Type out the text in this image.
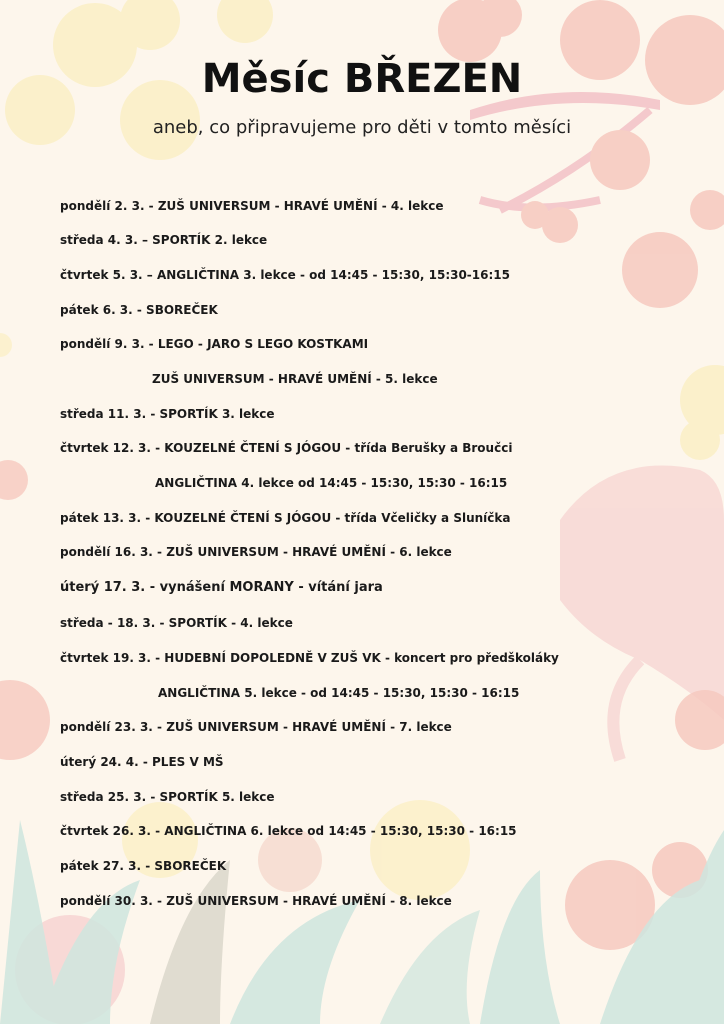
Měsíc BŘEZEN
aneb, co připravujeme pro děti v tomto měsíci
pondělí 2. 3. - ZUŠ UNIVERSUM - HRAVÉ UMĚNÍ - 4. lekce
středa 4. 3. – SPORTÍK 2. lekce
čtvrtek 5. 3. – ANGLIČTINA 3. lekce - od 14:45 - 15:30, 15:30-16:15
pátek 6. 3. - SBOREČEK
pondělí 9. 3. - LEGO - JARO S LEGO KOSTKAMI
ZUŠ UNIVERSUM - HRAVÉ UMĚNÍ - 5. lekce
středa 11. 3. - SPORTÍK 3. lekce
čtvrtek 12. 3. - KOUZELNÉ ČTENÍ S JÓGOU - třída Berušky a Broučci
ANGLIČTINA 4. lekce od 14:45 - 15:30, 15:30 - 16:15
pátek 13. 3. - KOUZELNÉ ČTENÍ S JÓGOU - třída Včeličky a Sluníčka
pondělí 16. 3. - ZUŠ UNIVERSUM - HRAVÉ UMĚNÍ - 6. lekce
úterý 17. 3. - vynášení MORANY - vítání jara
středa - 18. 3. - SPORTÍK - 4. lekce
čtvrtek 19. 3. - HUDEBNÍ DOPOLEDNĚ V ZUŠ VK - koncert pro předškoláky
ANGLIČTINA 5. lekce - od 14:45 - 15:30, 15:30 - 16:15
pondělí 23. 3. - ZUŠ UNIVERSUM - HRAVÉ UMĚNÍ - 7. lekce
úterý 24. 4. - PLES V MŠ
středa 25. 3. - SPORTÍK 5. lekce
čtvrtek 26. 3. - ANGLIČTINA 6. lekce od 14:45 - 15:30, 15:30 - 16:15
pátek 27. 3. - SBOREČEK
pondělí 30. 3. - ZUŠ UNIVERSUM - HRAVÉ UMĚNÍ - 8. lekce
